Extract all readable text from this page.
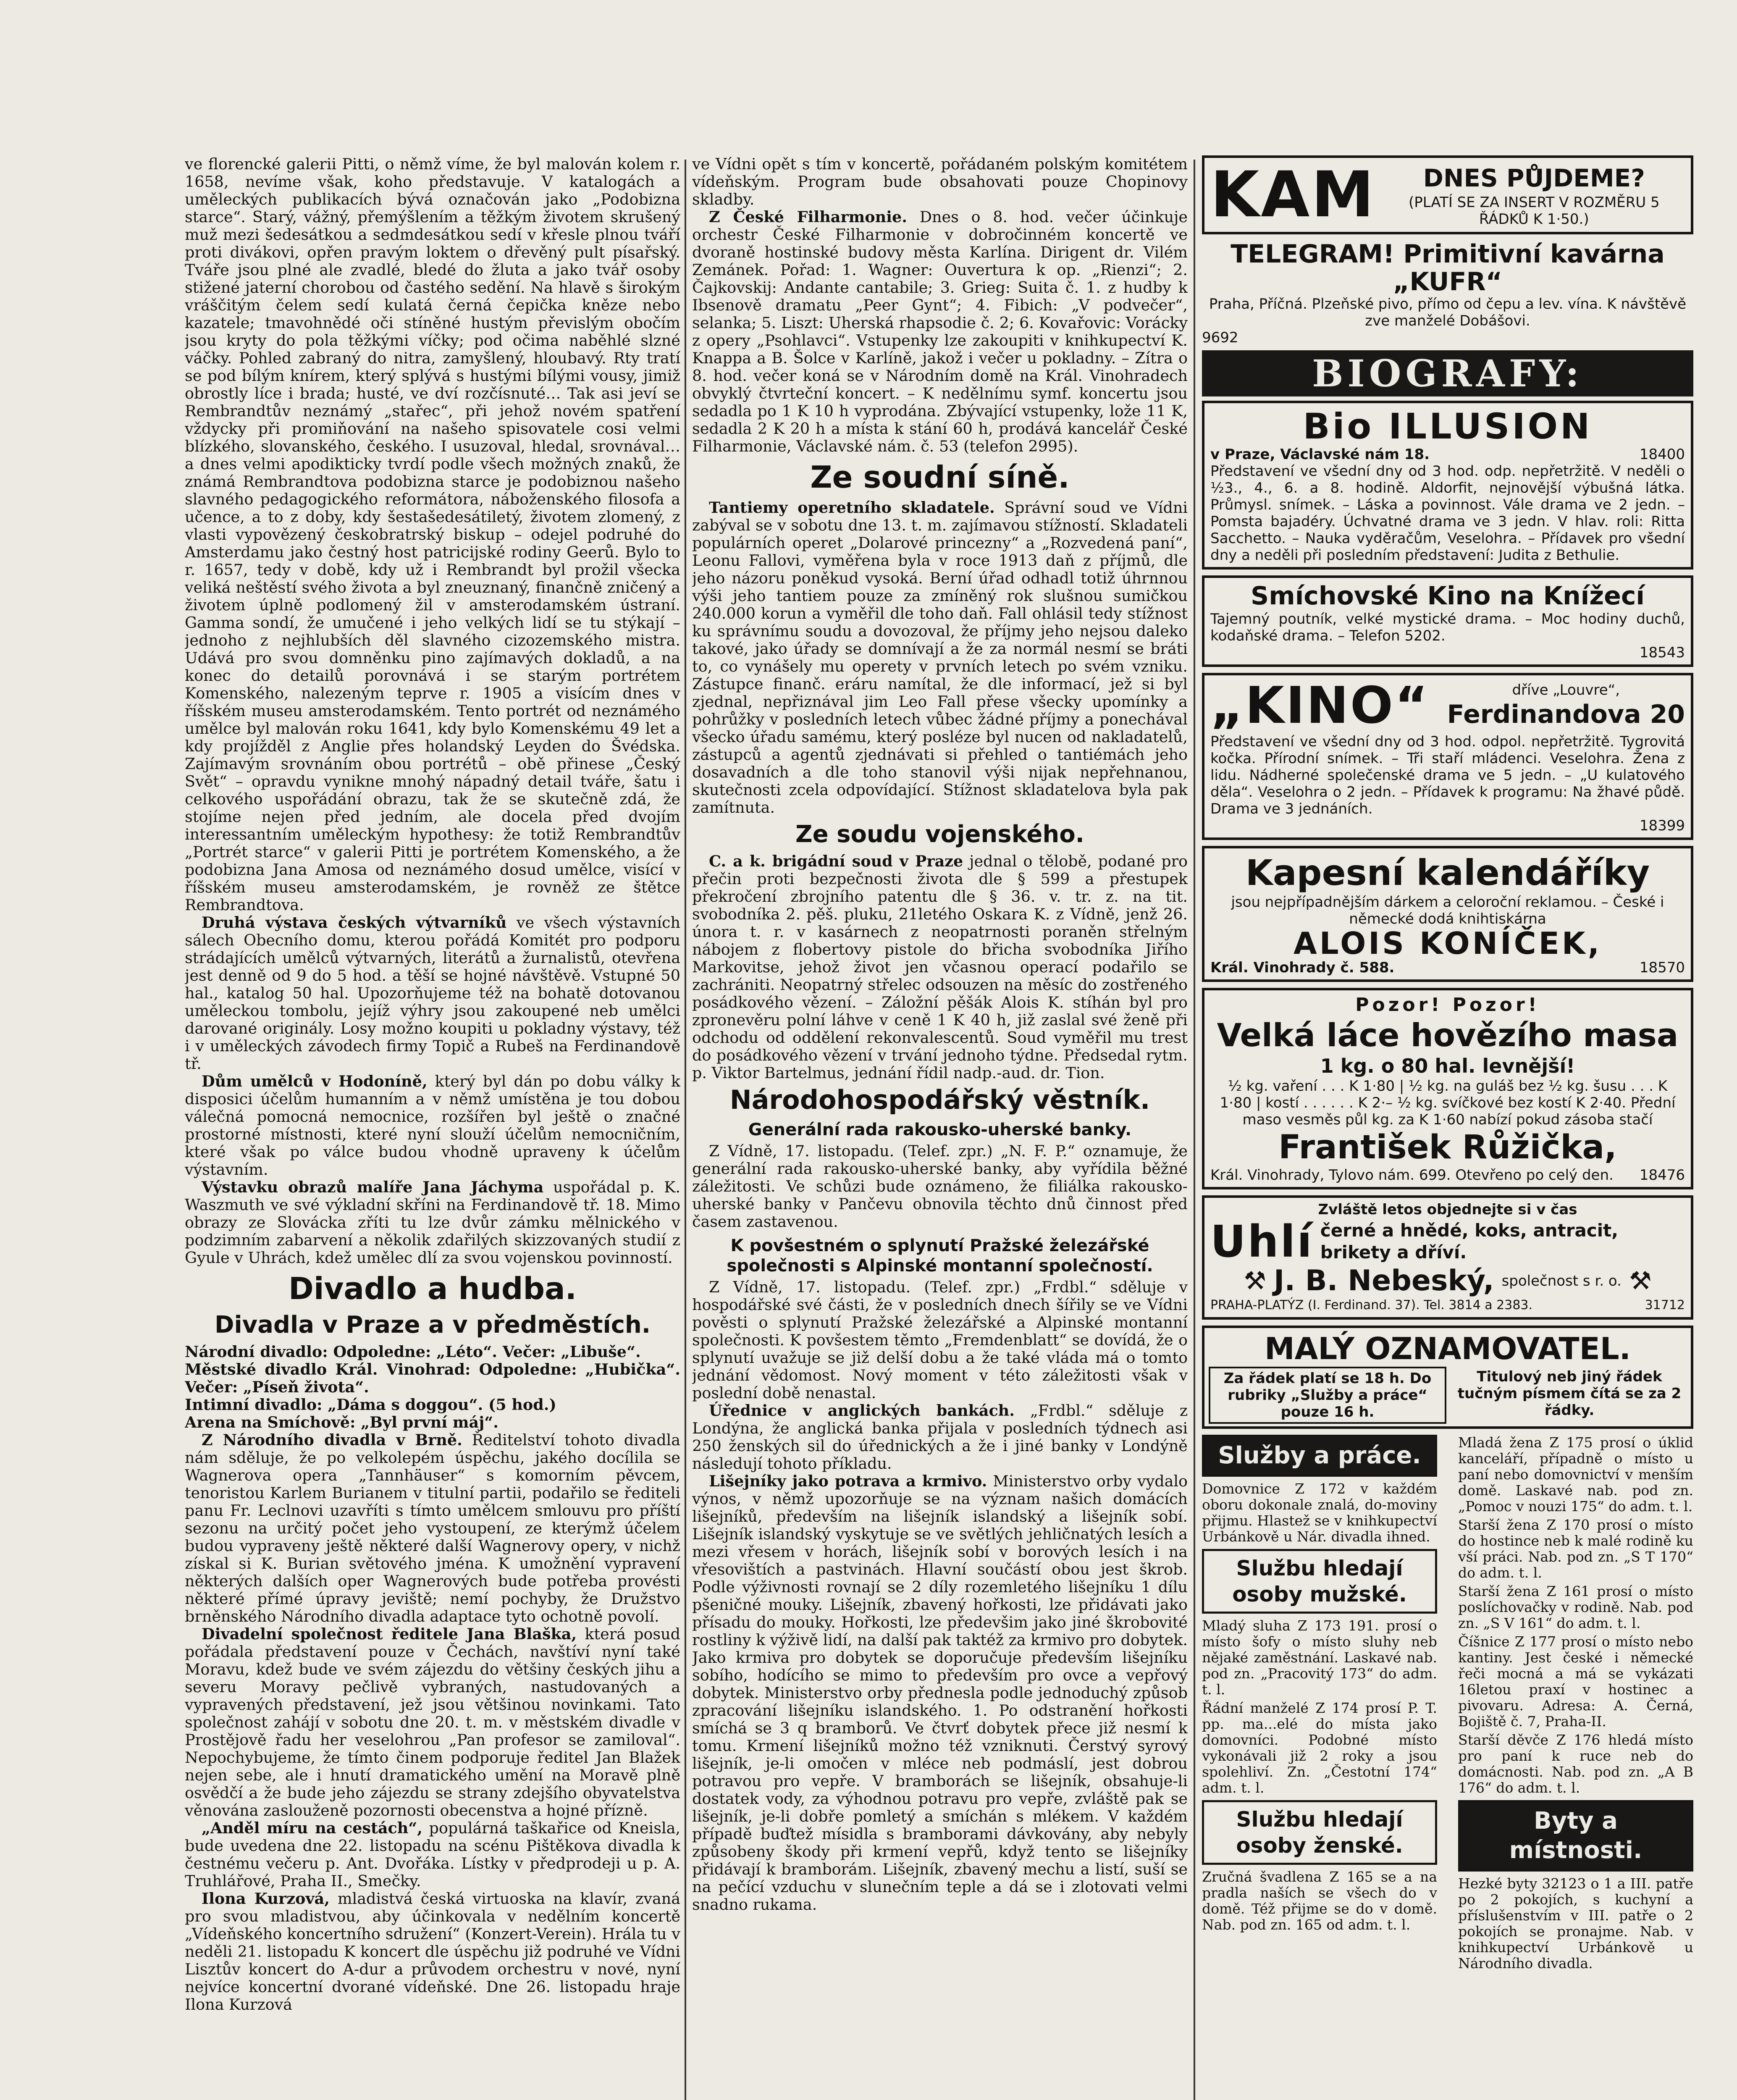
ve florencké galerii Pitti, o němž víme, že byl malován kolem r. 1658, nevíme však, koho představuje. V katalogách a uměleckých publikacích bývá označován jako „Podobizna starce“. Starý, vážný, přemýšlením a těžkým životem skrušený muž mezi šedesátkou a sedmdesátkou sedí v křesle plnou tváří proti divákovi, opřen pravým loktem o dřevěný pult písařský. Tváře jsou plné ale zvadlé, bledé do žluta a jako tvář osoby stižené jaterní chorobou od častého sedění. Na hlavě s širokým vráščitým čelem sedí kulatá černá čepička kněze nebo kazatele; tmavohnědé oči stíněné hustým převislým obočím jsou kryty do pola těžkými víčky; pod očima naběhlé slzné váčky. Pohled zabraný do nitra, zamyšlený, hloubavý. Rty tratí se pod bílým knírem, který splývá s hustými bílými vousy, jimiž obrostly líce i brada; husté, ve dví rozčísnuté… Tak asi jeví se Rembrandtův neznámý „stařec“, při jehož novém spatření vždycky při promiňování na našeho spisovatele cosi velmi blízkého, slovanského, českého. I usuzoval, hledal, srovnával… a dnes velmi apodikticky tvrdí podle všech možných znaků, že známá Rembrandtova podobizna starce je podobiznou našeho slavného pedagogického reformátora, náboženského filosofa a učence, a to z doby, kdy šestašedesátiletý, životem zlomený, z vlasti vypovězený českobratrský biskup – odejel podruhé do Amsterdamu jako čestný host patricijské rodiny Geerů. Bylo to r. 1657, tedy v době, kdy už i Rembrandt byl prožil všecka veliká neštěstí svého života a byl zneuznaný, finančně zničený a životem úplně podlomený žil v amsterodamském ústraní. Gamma sondí, že umučené i jeho velkých lidí se tu stýkají – jednoho z nejhlubších děl slavného cizozemského mistra. Udává pro svou domněnku pino zajímavých dokladů, a na konec do detailů porovnává i se starým portrétem Komenského, nalezeným teprve r. 1905 a visícím dnes v říšském museu amsterodamském. Tento portrét od neznámého umělce byl malován roku 1641, kdy bylo Komenskému 49 let a kdy projížděl z Anglie přes holandský Leyden do Švédska. Zajímavým srovnáním obou portrétů – obě přinese „Český Svět“ – opravdu vynikne mnohý nápadný detail tváře, šatu i celkového uspořádání obrazu, tak že se skutečně zdá, že stojíme nejen před jedním, ale docela před dvojím interessantním uměleckým hypothesy: že totiž Rembrandtův „Portrét starce“ v galerii Pitti je portrétem Komenského, a že podobizna Jana Amosa od neznámého dosud umělce, visící v říšském museu amsterodamském, je rovněž ze štětce Rembrandtova.

Druhá výstava českých výtvarníků ve všech výstavních sálech Obecního domu, kterou pořádá Komitét pro podporu strádajících umělců výtvarných, literátů a žurnalistů, otevřena jest denně od 9 do 5 hod. a těší se hojné návštěvě. Vstupné 50 hal., katalog 50 hal. Upozorňujeme též na bohatě dotovanou uměleckou tombolu, jejíž výhry jsou zakoupené neb umělci darované originály. Losy možno koupiti u pokladny výstavy, též i v uměleckých závodech firmy Topič a Rubeš na Ferdinandově tř.

Dům umělců v Hodoníně, který byl dán po dobu války k disposici účelům humanním a v němž umístěna je tou dobou válečná pomocná nemocnice, rozšířen byl ještě o značné prostorné místnosti, které nyní slouží účelům nemocničním, které však po válce budou vhodně upraveny k účelům výstavním.

Výstavku obrazů malíře Jana Jáchyma uspořádal p. K. Waszmuth ve své výkladní skříni na Ferdinandově tř. 18. Mimo obrazy ze Slovácka zříti tu lze dvůr zámku mělnického v podzimním zabarvení a několik zdařilých skizzovaných studií z Gyule v Uhrách, kdež umělec dlí za svou vojenskou povinností.

Divadlo a hudba.
Divadla v Praze a v předměstích.

Národní divadlo: Odpoledne: „Léto“. Večer: „Libuše“.

Městské divadlo Král. Vinohrad: Odpoledne: „Hubička“. Večer: „Píseň života“.

Intimní divadlo: „Dáma s doggou“. (5 hod.)

Arena na Smíchově: „Byl první máj“.

Z Národního divadla v Brně. Ředitelství tohoto divadla nám sděluje, že po velkolepém úspěchu, jakého docílila se Wagnerova opera „Tannhäuser“ s komorním pěvcem, tenoristou Karlem Burianem v titulní partii, podařilo se řediteli panu Fr. Leclnovi uzavříti s tímto umělcem smlouvu pro příští sezonu na určitý počet jeho vystoupení, ze kterýmž účelem budou vypraveny ještě některé další Wagnerovy opery, v nichž získal si K. Burian světového jména. K umožnění vypravení některých dalších oper Wagnerových bude potřeba provésti některé přímé úpravy jeviště; nemí pochyby, že Družstvo brněnského Národního divadla adaptace tyto ochotně povolí.

Divadelní společnost ředitele Jana Blaška, která posud pořádala představení pouze v Čechách, navštíví nyní také Moravu, kdež bude ve svém zájezdu do většiny českých jihu a severu Moravy pečlivě vybraných, nastudovaných a vypravených představení, jež jsou většinou novinkami. Tato společnost zahájí v sobotu dne 20. t. m. v městském divadle v Prostějově řadu her veselohrou „Pan profesor se zamiloval“. Nepochybujeme, že tímto činem podporuje ředitel Jan Blažek nejen sebe, ale i hnutí dramatického umění na Moravě plně osvědčí a že bude jeho zájezdu se strany zdejšího obyvatelstva věnována zaslouženě pozornosti obecenstva a hojné přízně.

„Anděl míru na cestách“, populárná taškařice od Kneisla, bude uvedena dne 22. listopadu na scénu Pištěkova divadla k čestnému večeru p. Ant. Dvořáka. Lístky v předprodeji u p. A. Truhlářové, Praha II., Smečky.

Ilona Kurzová, mladistvá česká virtuoska na klavír, zvaná pro svou mladistvou, aby účinkovala v nedělním koncertě „Vídeňského koncertního sdružení“ (Konzert-Verein). Hrála tu v neděli 21. listopadu K koncert dle úspěchu již podruhé ve Vídni Lisztův koncert do A-dur a průvodem orchestru v nové, nyní nejvíce koncertní dvorané vídeňské. Dne 26. listopadu hraje Ilona Kurzová

ve Vídni opět s tím v koncertě, pořádaném polským komitétem vídeňským. Program bude obsahovati pouze Chopinovy skladby.

Z České Filharmonie. Dnes o 8. hod. večer účinkuje orchestr České Filharmonie v dobročinném koncertě ve dvoraně hostinské budovy města Karlína. Dirigent dr. Vilém Zemánek. Pořad: 1. Wagner: Ouvertura k op. „Rienzi“; 2. Čajkovskij: Andante cantabile; 3. Grieg: Suita č. 1. z hudby k Ibsenově dramatu „Peer Gynt“; 4. Fibich: „V podvečer“, selanka; 5. Liszt: Uherská rhapsodie č. 2; 6. Kovařovic: Vorácky z opery „Psohlavci“. Vstupenky lze zakoupiti v knihkupectví K. Knappa a B. Šolce v Karlíně, jakož i večer u pokladny. – Zítra o 8. hod. večer koná se v Národním domě na Král. Vinohradech obvyklý čtvrteční koncert. – K nedělnímu symf. koncertu jsou sedadla po 1 K 10 h vyprodána. Zbývající vstupenky, lože 11 K, sedadla 2 K 20 h a místa k stání 60 h, prodává kancelář České Filharmonie, Václavské nám. č. 53 (telefon 2995).

Ze soudní síně.

Tantiemy operetního skladatele. Správní soud ve Vídni zabýval se v sobotu dne 13. t. m. zajímavou stížností. Skladateli populárních operet „Dolarové princezny“ a „Rozvedená paní“, Leonu Fallovi, vyměřena byla v roce 1913 daň z příjmů, dle jeho názoru poněkud vysoká. Berní úřad odhadl totiž úhrnnou výši jeho tantiem pouze za zmíněný rok slušnou sumičkou 240.000 korun a vyměřil dle toho daň. Fall ohlásil tedy stížnost ku správnímu soudu a dovozoval, že příjmy jeho nejsou daleko takové, jako úřady se domnívají a že za normál nesmí se bráti to, co vynášely mu operety v prvních letech po svém vzniku. Zástupce finanč. eráru namítal, že dle informací, jež si byl zjednal, nepřiznával jim Leo Fall přese všecky upomínky a pohrůžky v posledních letech vůbec žádné příjmy a ponechával všecko úřadu samému, který posléze byl nucen od nakladatelů, zástupců a agentů zjednávati si přehled o tantiémách jeho dosavadních a dle toho stanovil výši nijak nepřehnanou, skutečnosti zcela odpovídající. Stížnost skladatelova byla pak zamítnuta.

Ze soudu vojenského.

C. a k. brigádní soud v Praze jednal o tělobě, podané pro přečin proti bezpečnosti života dle § 599 a přestupek překročení zbrojního patentu dle § 36. v. tr. z. na tit. svobodníka 2. pěš. pluku, 21letého Oskara K. z Vídně, jenž 26. února t. r. v kasárnech z neopatrnosti poraněn střelným nábojem z flobertovy pistole do břicha svobodníka Jiřího Markovitse, jehož život jen včasnou operací podařilo se zachrániti. Neopatrný střelec odsouzen na měsíc do zostřeného posádkového vězení. – Záložní pěšák Alois K. stíhán byl pro zpronevěru polní láhve v ceně 1 K 40 h, již zaslal své ženě při odchodu od oddělení rekonvalescentů. Soud vyměřil mu trest do posádkového vězení v trvání jednoho týdne. Předsedal rytm. p. Viktor Bartelmus, jednání řídil nadp.-aud. dr. Tion.

Národohospodářský věstník.
Generální rada rakousko-uherské banky.

Z Vídně, 17. listopadu. (Telef. zpr.) „N. F. P.“ oznamuje, že generální rada rakousko-uherské banky, aby vyřídila běžné záležitosti. Ve schůzi bude oznámeno, že filiálka rakousko-uherské banky v Pančevu obnovila těchto dnů činnost před časem zastavenou.

K povšestném o splynutí Pražské železářské společnosti s Alpinské montanní společností.

Z Vídně, 17. listopadu. (Telef. zpr.) „Frdbl.“ sděluje v hospodářské své části, že v posledních dnech šířily se ve Vídni pověsti o splynutí Pražské železářské a Alpinské montanní společnosti. K povšestem těmto „Fremdenblatt“ se dovídá, že o splynutí uvažuje se již delší dobu a že také vláda má o tomto jednání vědomost. Nový moment v této záležitosti však v poslední době nenastal.

Úřednice v anglických bankách. „Frdbl.“ sděluje z Londýna, že anglická banka přijala v posledních týdnech asi 250 ženských sil do úřednických a že i jiné banky v Londýně následují tohoto příkladu.

Lišejníky jako potrava a krmivo. Ministerstvo orby vydalo výnos, v němž upozorňuje se na význam našich domácích lišejníků, především na lišejník islandský a lišejník sobí. Lišejník islandský vyskytuje se ve světlých jehličnatých lesích a mezi vřesem v horách, lišejník sobí v borových lesích i na vřesovištích a pastvinách. Hlavní součástí obou jest škrob. Podle výživnosti rovnají se 2 díly rozemletého lišejníku 1 dílu pšeničné mouky. Lišejník, zbavený hořkosti, lze přidávati jako přísadu do mouky. Hořkosti, lze předevšim jako jiné škrobovité rostliny k výživě lidí, na další pak taktéž za krmivo pro dobytek. Jako krmiva pro dobytek se doporučuje především lišejníku sobího, hodícího se mimo to především pro ovce a vepřový dobytek. Ministerstvo orby přednesla podle jednoduchý způsob zpracování lišejníku islandského. 1. Po odstranění hořkosti smíchá se 3 q bramborů. Ve čtvrť dobytek přece již nesmí k tomu. Krmení lišejníků možno též vzniknuti. Čerstvý syrový lišejník, je-li omočen v mléce neb podmáslí, jest dobrou potravou pro vepře. V bramborách se lišejník, obsahuje-li dostatek vody, za výhodnou potravu pro vepře, zvláště pak se lišejník, je-li dobře pomletý a smíchán s mlékem. V každém případě buďtež mísidla s bramborami dávkovány, aby nebyly způsobeny škody při krmení vepřů, když tento se lišejníky přidávají k bramborám. Lišejník, zbavený mechu a listí, suší se na pečící vzduchu v slunečním teple a dá se i zlotovati velmi snadno rukama.

KAM	DNES PŮJDEME?
(PLATÍ SE ZA INSERT V ROZMĚRU 5 ŘÁDKŮ K 1·50.)
TELEGRAM! Primitivní kavárna „KUFR“
Praha, Příčná. Plzeňské pivo, přímo od čepu a lev. vína. K návštěvě zve manželé Dobášovi.
9692
BIOGRAFY:
Bio ILLUSION
v Praze, Václavské nám 18.	18400
Představení ve všední dny od 3 hod. odp. nepřetržitě. V neděli o ½3., 4., 6. a 8. hodině. Aldorfit, nejnovější výbušná látka. Průmysl. snímek. – Láska a povinnost. Vále drama ve 2 jedn. – Pomsta bajadéry. Úchvatné drama ve 3 jedn. V hlav. roli: Ritta Sacchetto. – Nauka vyděračům, Veselohra. – Přídavek pro všední dny a neděli při posledním představení: Judita z Bethulie.
Smíchovské Kino na Knížecí
Tajemný poutník, velké mystické drama. – Moc hodiny duchů, kodaňské drama. – Telefon 5202.
18543
„KINO“	dříve „Louvre“,
Ferdinandova 20
Představení ve všední dny od 3 hod. odpol. nepřetržitě. Tygrovitá kočka. Přírodní snímek. – Tři staří mládenci. Veselohra. Žena z lidu. Nádherné společenské drama ve 5 jedn. – „U kulatového děla“. Veselohra o 2 jedn. – Přídavek k programu: Na žhavé půdě. Drama ve 3 jednáních.
18399
Kapesní kalendáříky
jsou nejpřípadnějším dárkem a celoroční reklamou. – České i německé dodá knihtiskárna
ALOIS KONÍČEK,
Král. Vinohrady č. 588.	18570
Pozor! Pozor!
Velká láce hovězího masa
1 kg. o 80 hal. levnější!
½ kg. vaření . . . K 1·80 | ½ kg. na guláš bez ½ kg. šusu . . . K 1·80 | kostí . . . . . . K 2·– ½ kg. svíčkové bez kostí K 2·40. Přední maso vesměs půl kg. za K 1·60 nabízí pokud zásoba stačí
František Růžička,
Král. Vinohrady, Tylovo nám. 699. Otevřeno po celý den. 18476
Zvláště letos objednejte si v čas
Uhlí černé a hnědé, koks, antracit, brikety a dříví.
⚒ J. B. Nebeský, společnost s r. o. ⚒
PRAHA-PLATÝZ (I. Ferdinand. 37). Tel. 3814 a 2383.	31712
MALÝ OZNAMOVATEL.
Za řádek platí se 18 h. Do rubriky „Služby a práce“ pouze 16 h.
Titulový neb jiný řádek tučným písmem čítá se za 2 řádky.
Služby a práce.
Domovnice Z 172 v každém oboru dokonale znalá, do-moviny přijmu. Hlastež se v knihkupectví Urbánkově u Nár. divadla ihned.
Službu hledají osoby mužské.
Mladý sluha Z 173 191. prosí o místo šofy o místo sluhy neb nějaké zaměstnání. Laskavé nab. pod zn. „Pracovitý 173“ do adm. t. l.
Řádní manželé Z 174 prosí P. T. pp. ma...elé do místa jako domovníci. Podobné místo vykonávali již 2 roky a jsou spolehliví. Zn. „Čestotní 174“ adm. t. l.
Službu hledají osoby ženské.
Zručná švadlena Z 165 se a na pradla naších se všech do v domě. Též přijme se do v domě. Nab. pod zn. 165 od adm. t. l.
Mladá žena Z 175 prosí o úklid kanceláří, případně o místo u paní nebo domovnictví v menším domě. Laskavé nab. pod zn. „Pomoc v nouzi 175“ do adm. t. l.
Starší žena Z 170 prosí o místo do hostince neb k malé rodině ku vší práci. Nab. pod zn. „S T 170“ do adm. t. l.
Starší žena Z 161 prosí o místo poslíchovačky v rodině. Nab. pod zn. „S V 161“ do adm. t. l.
Číšnice Z 177 prosí o místo nebo kantiny. Jest české i německé řeči mocná a má se vykázati 16letou praxí v hostinec a pivovaru. Adresa: A. Černá, Bojiště č. 7, Praha-II.
Starší děvče Z 176 hledá místo pro paní k ruce neb do domácnosti. Nab. pod zn. „A B 176“ do adm. t. l.
Byty a místnosti.
Hezké byty 32123 o 1 a III. patře po 2 pokojích, s kuchyní a příslušenstvím v III. patře o 2 pokojích se pronajme. Nab. v knihkupectví Urbánkově u Národního divadla.
